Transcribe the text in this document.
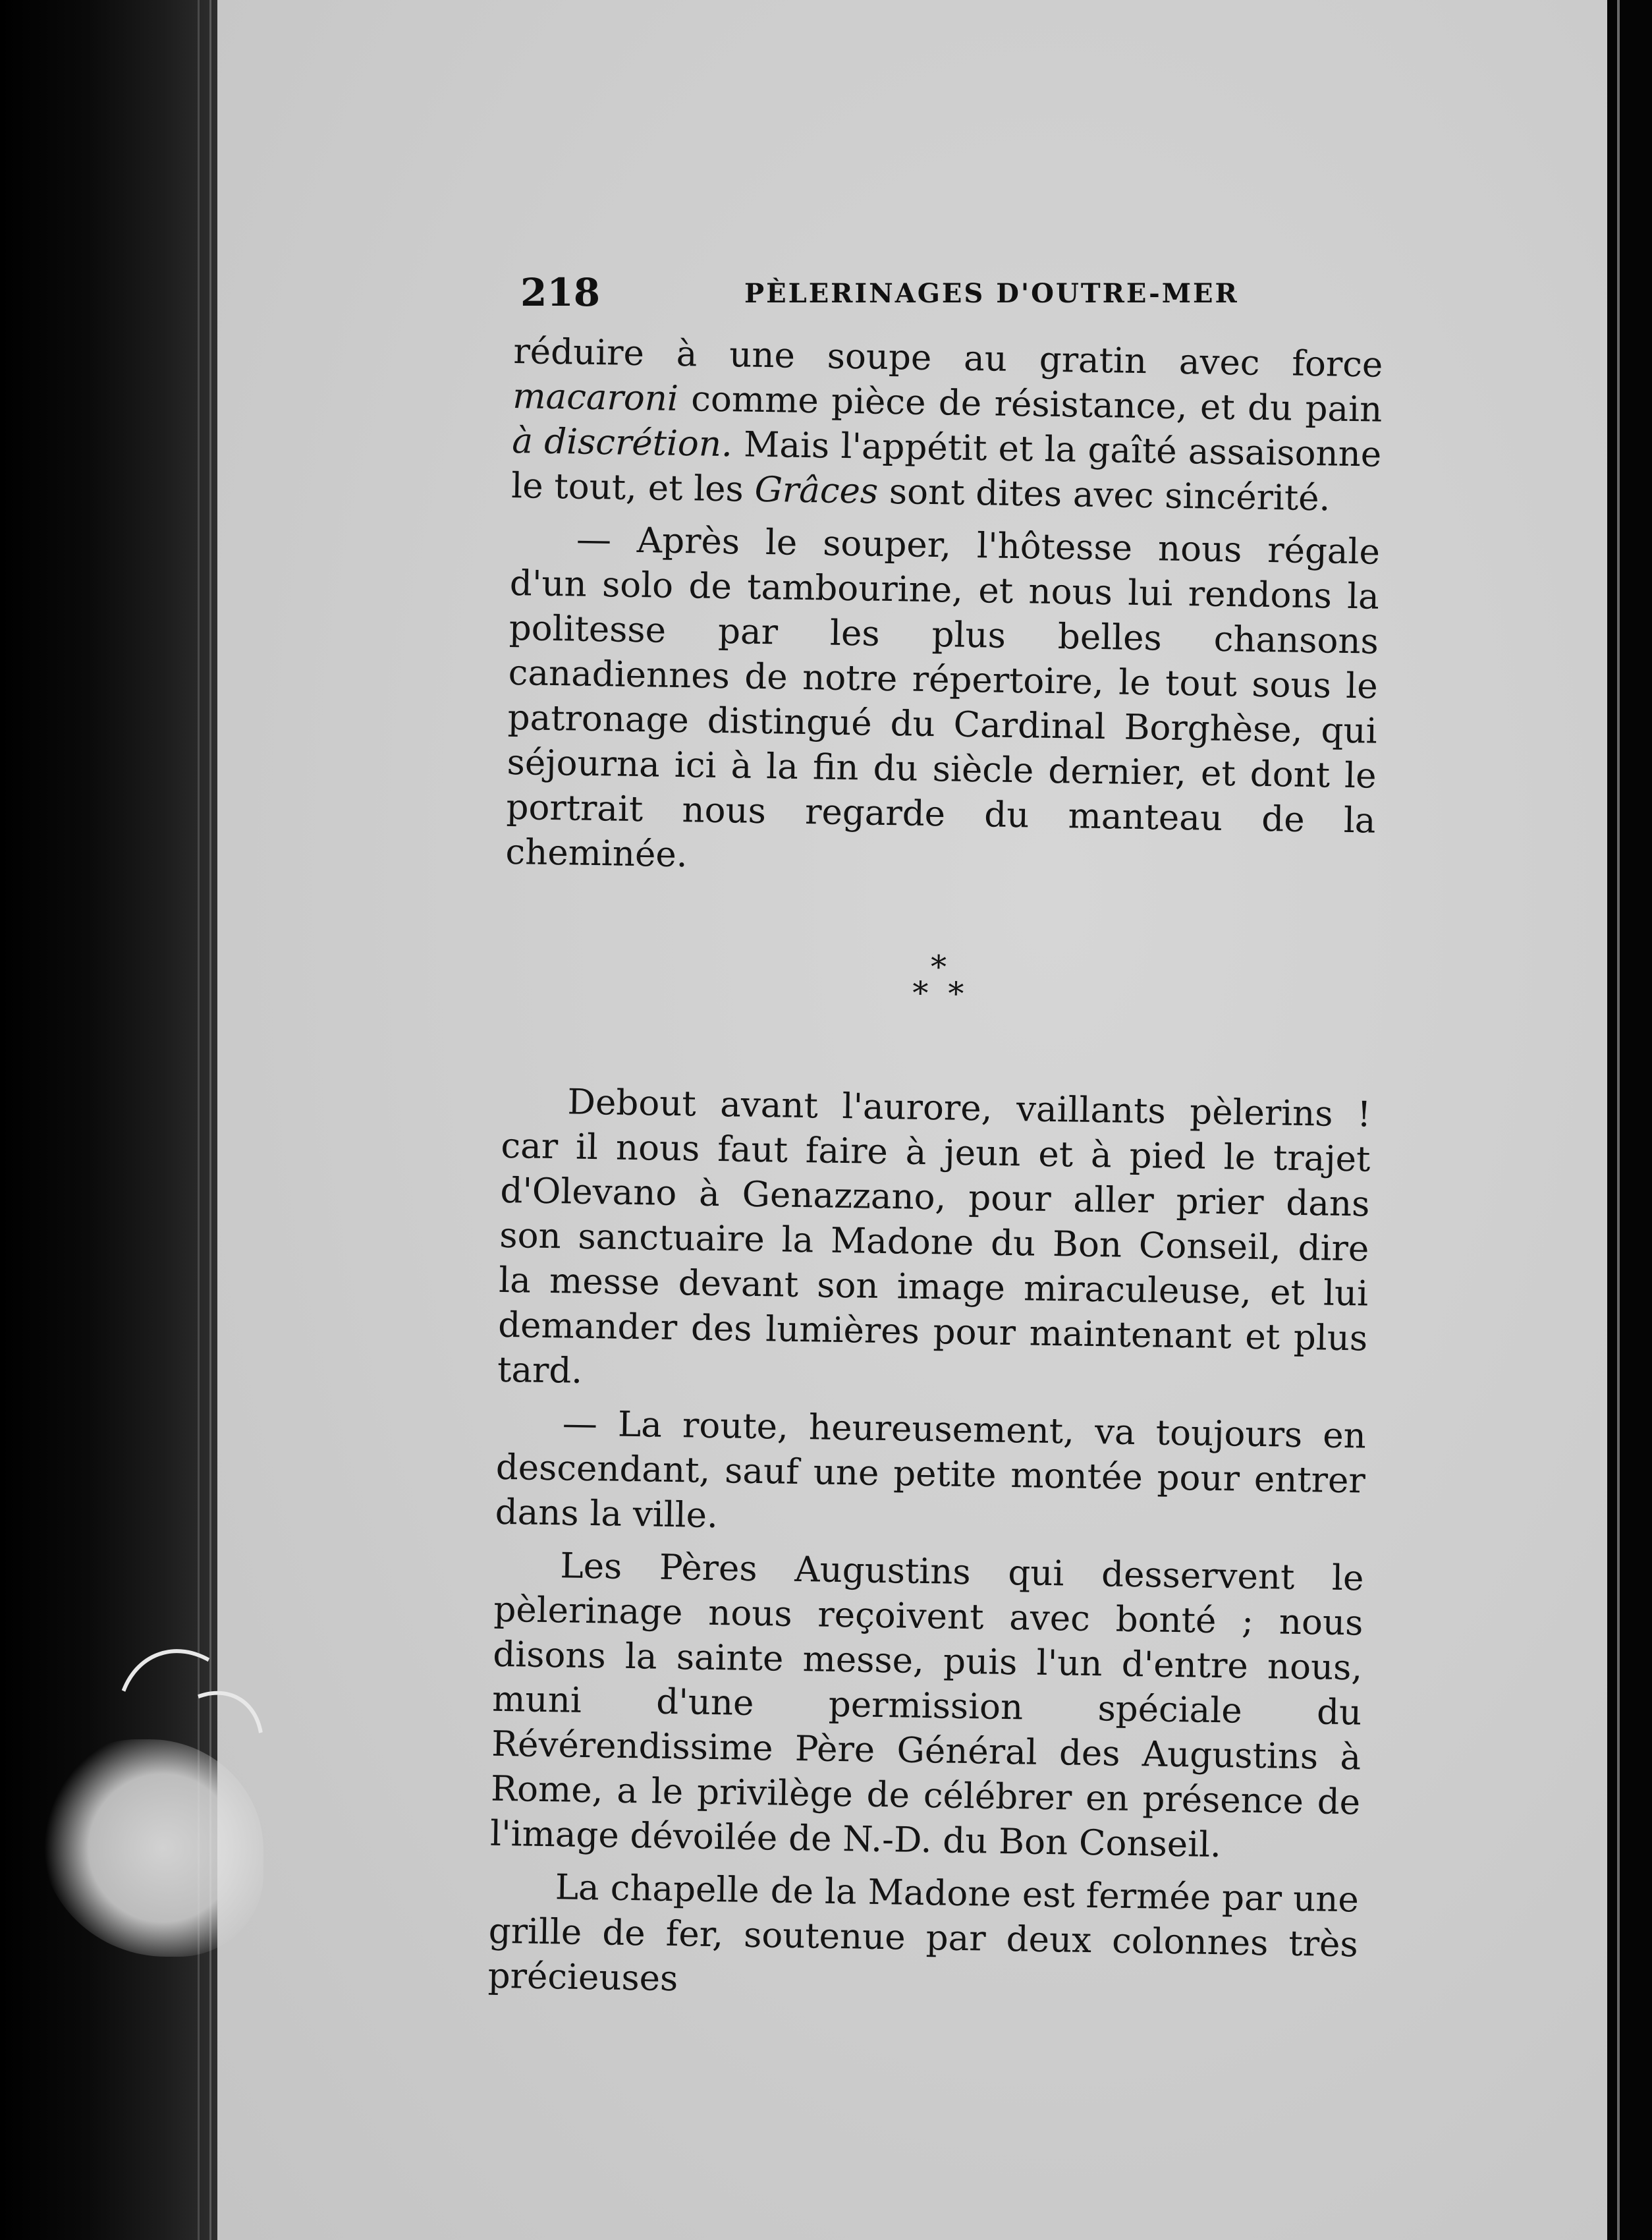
218	PÈLERINAGES D'OUTRE-MER

réduire à une soupe au gratin avec force macaroni comme pièce de résistance, et du pain à discrétion. Mais l'appétit et la gaîté assaisonne le tout, et les Grâces sont dites avec sincérité.

— Après le souper, l'hôtesse nous régale d'un solo de tambourine, et nous lui rendons la politesse par les plus belles chansons canadiennes de notre répertoire, le tout sous le patronage distingué du Cardinal Borghèse, qui séjourna ici à la fin du siècle dernier, et dont le portrait nous regarde du manteau de la cheminée.

*
**

Debout avant l'aurore, vaillants pèlerins ! car il nous faut faire à jeun et à pied le trajet d'Olevano à Genazzano, pour aller prier dans son sanctuaire la Madone du Bon Conseil, dire la messe devant son image miraculeuse, et lui demander des lumières pour maintenant et plus tard.

— La route, heureusement, va toujours en descendant, sauf une petite montée pour entrer dans la ville.

Les Pères Augustins qui desservent le pèlerinage nous reçoivent avec bonté ; nous disons la sainte messe, puis l'un d'entre nous, muni d'une permission spéciale du Révérendissime Père Général des Augustins à Rome, a le privilège de célébrer en présence de l'image dévoilée de N.-D. du Bon Conseil.

La chapelle de la Madone est fermée par une grille de fer, soutenue par deux colonnes très précieuses
